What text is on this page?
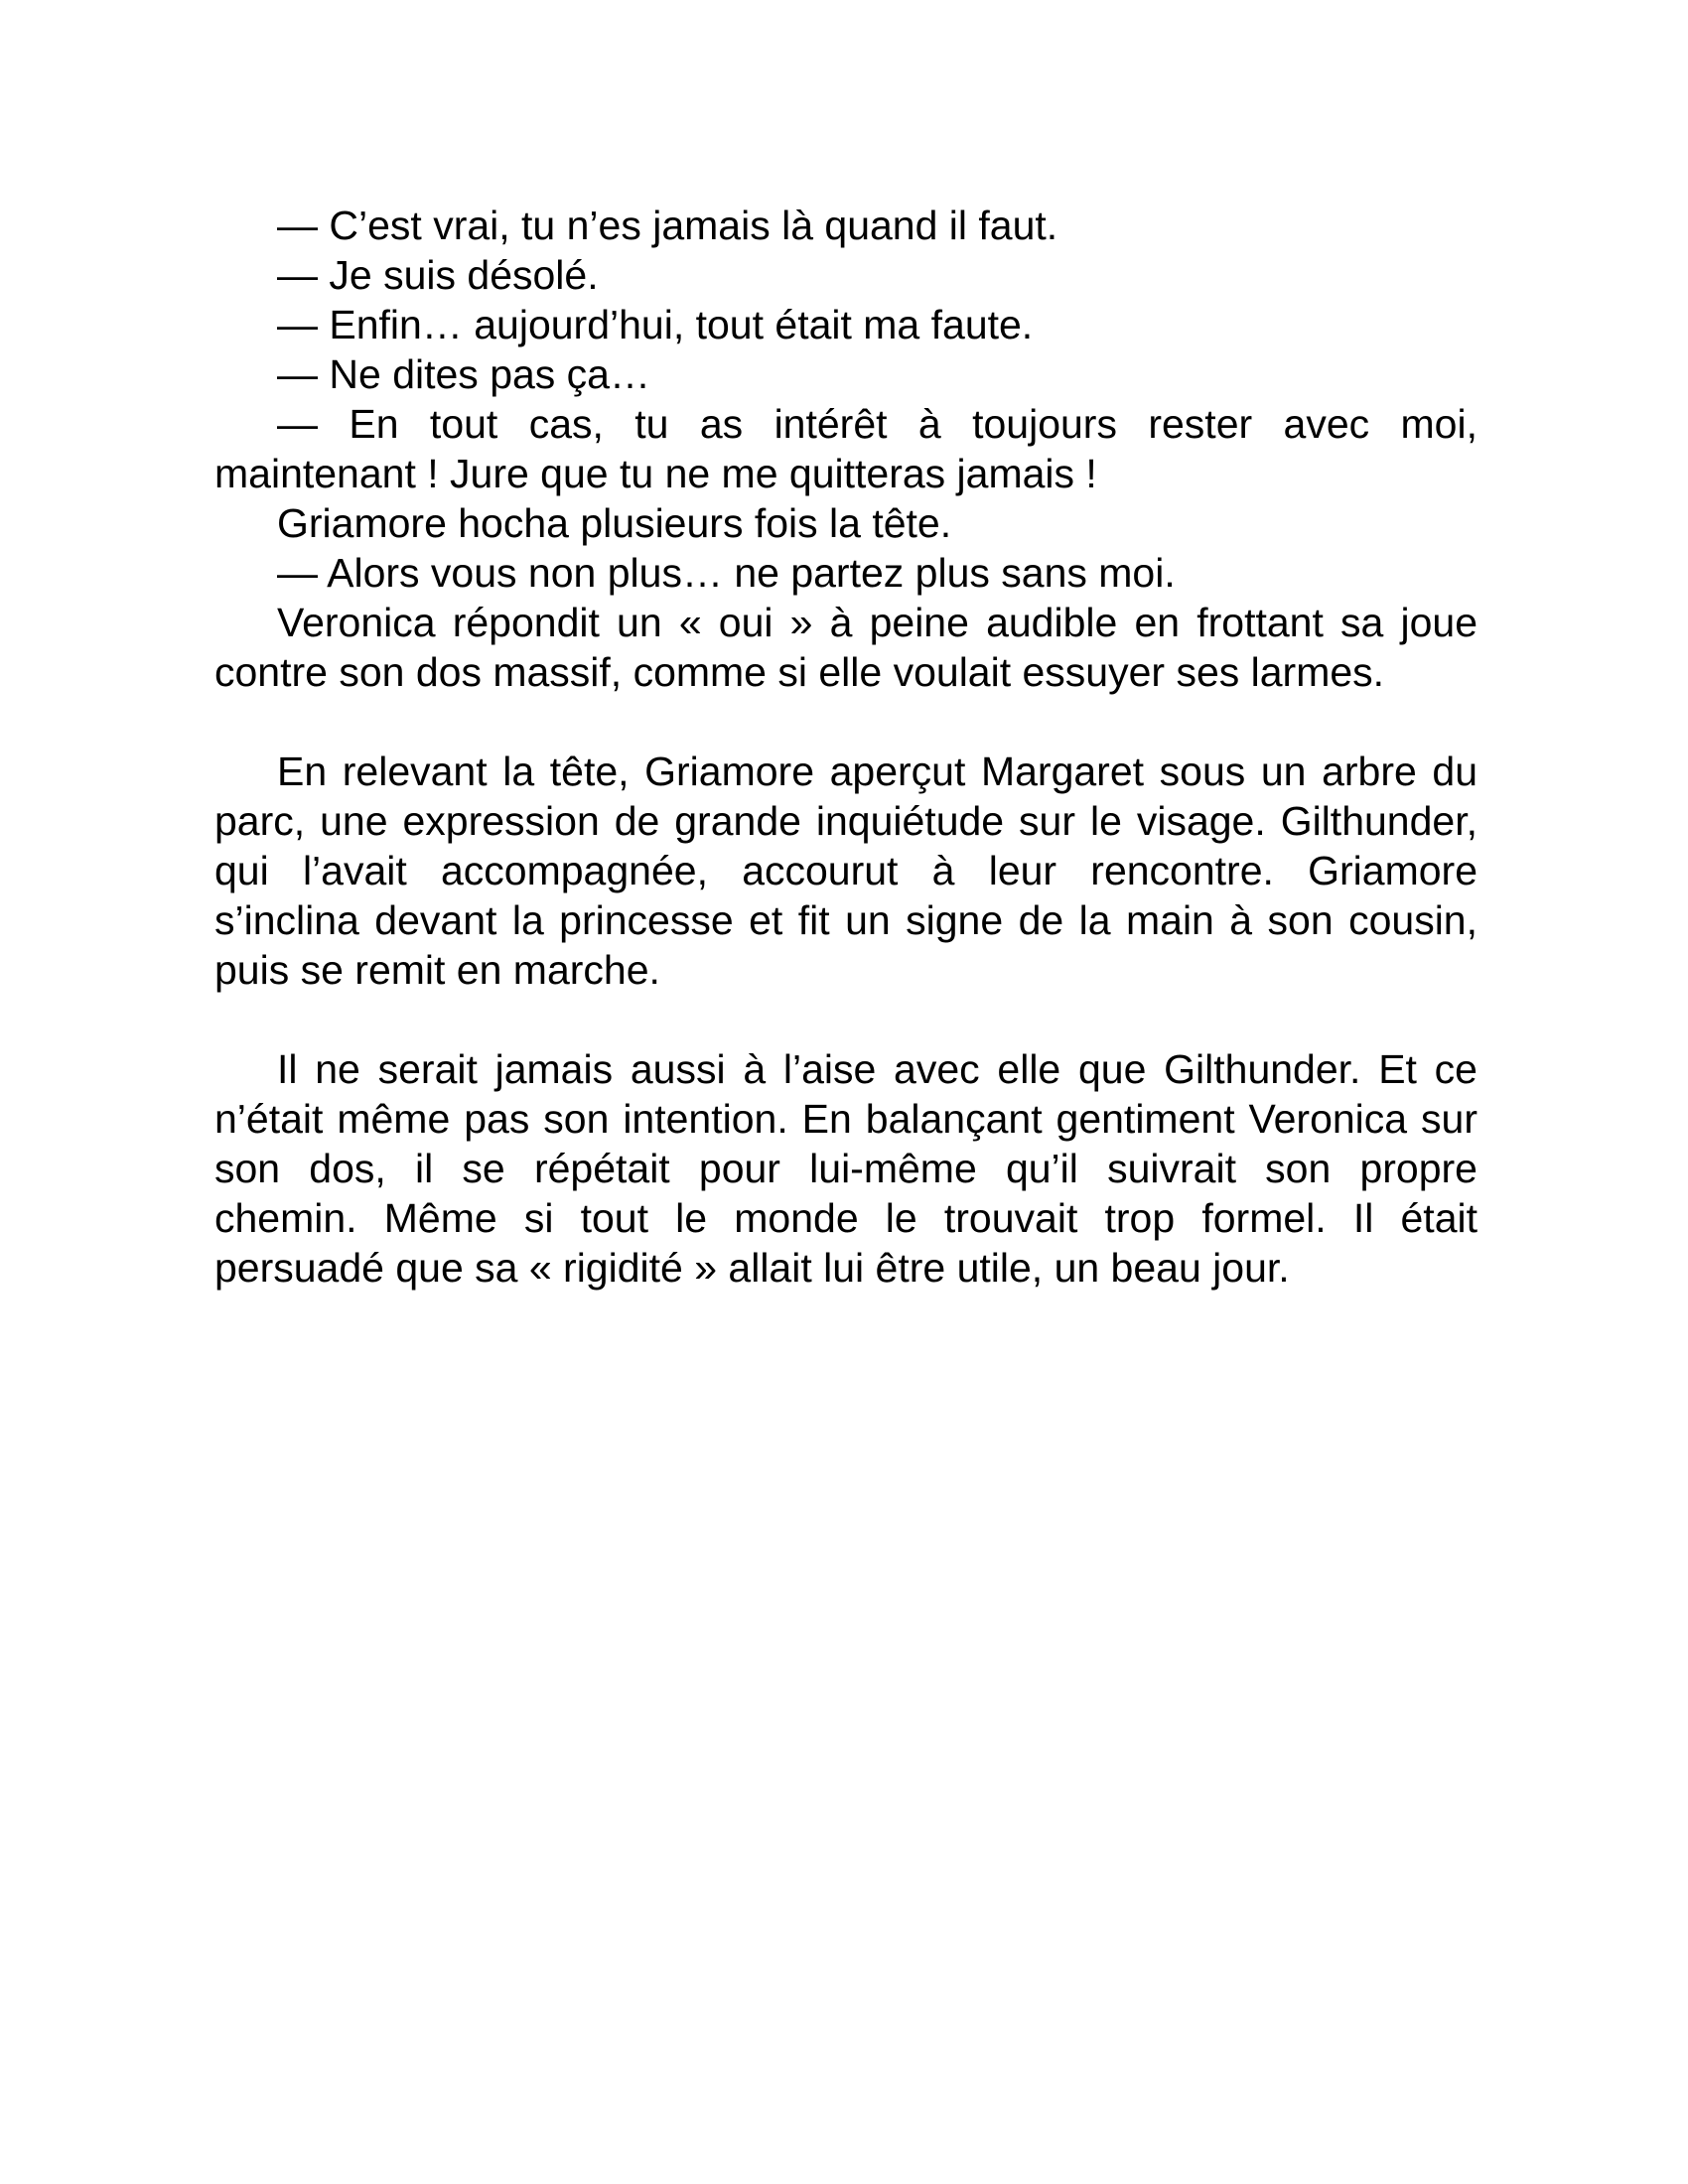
— C’est vrai, tu n’es jamais là quand il faut.
— Je suis désolé.
— Enfin… aujourd’hui, tout était ma faute.
— Ne dites pas ça…
— En tout cas, tu as intérêt à toujours rester avec moi,
maintenant ! Jure que tu ne me quitteras jamais !
Griamore hocha plusieurs fois la tête.
— Alors vous non plus… ne partez plus sans moi.
Veronica répondit un « oui » à peine audible en frottant sa joue
contre son dos massif, comme si elle voulait essuyer ses larmes.
En relevant la tête, Griamore aperçut Margaret sous un arbre du
parc, une expression de grande inquiétude sur le visage. Gilthunder,
qui l’avait accompagnée, accourut à leur rencontre. Griamore
s’inclina devant la princesse et fit un signe de la main à son cousin,
puis se remit en marche.
Il ne serait jamais aussi à l’aise avec elle que Gilthunder. Et ce
n’était même pas son intention. En balançant gentiment Veronica sur
son dos, il se répétait pour lui-même qu’il suivrait son propre
chemin. Même si tout le monde le trouvait trop formel. Il était
persuadé que sa « rigidité » allait lui être utile, un beau jour.
